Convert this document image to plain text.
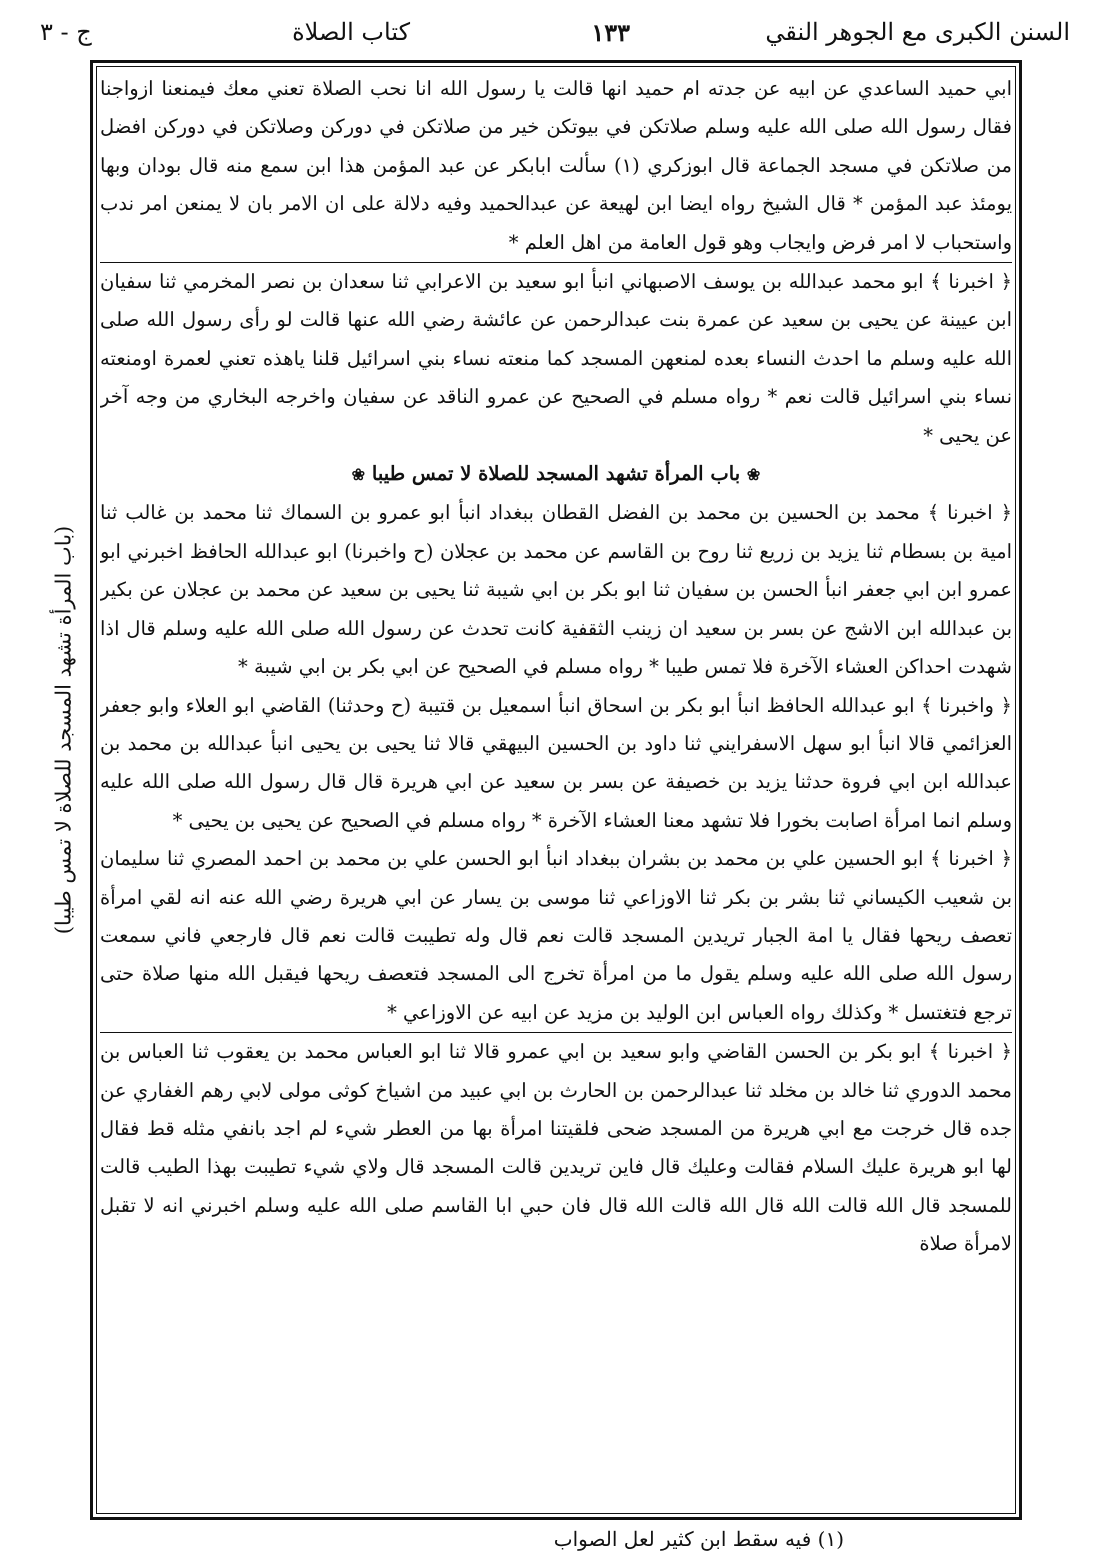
السنن الكبرى مع الجوهر النقي
١٣٣
كتاب الصلاة
ج - ٣

ابي حميد الساعدي عن ابيه عن جدته ام حميد انها قالت يا رسول الله انا نحب الصلاة تعني معك فيمنعنا ازواجنا فقال رسول الله صلى الله عليه وسلم صلاتكن في بيوتكن خير من صلاتكن في دوركن وصلاتكن في دوركن افضل من صلاتكن في مسجد الجماعة قال ابوزكري (١) سألت ابابكر عن عبد المؤمن هذا ابن سمع منه قال بودان وبها يومئذ عبد المؤمن * قال الشيخ رواه ايضا ابن لهيعة عن عبدالحميد وفيه دلالة على ان الامر بان لا يمنعن امر ندب واستحباب لا امر فرض وايجاب وهو قول العامة من اهل العلم *

﴿ اخبرنا ﴾ ابو محمد عبدالله بن يوسف الاصبهاني انبأ ابو سعيد بن الاعرابي ثنا سعدان بن نصر المخرمي ثنا سفيان ابن عيينة عن يحيى بن سعيد عن عمرة بنت عبدالرحمن عن عائشة رضي الله عنها قالت لو رأى رسول الله صلى الله عليه وسلم ما احدث النساء بعده لمنعهن المسجد كما منعته نساء بني اسرائيل قلنا ياهذه تعني لعمرة اومنعته نساء بني اسرائيل قالت نعم * رواه مسلم في الصحيح عن عمرو الناقد عن سفيان واخرجه البخاري من وجه آخر عن يحيى *

❀ باب المرأة تشهد المسجد للصلاة لا تمس طيبا ❀

﴿ اخبرنا ﴾ محمد بن الحسين بن محمد بن الفضل القطان ببغداد انبأ ابو عمرو بن السماك ثنا محمد بن غالب ثنا امية بن بسطام ثنا يزيد بن زريع ثنا روح بن القاسم عن محمد بن عجلان (ح واخبرنا) ابو عبدالله الحافظ اخبرني ابو عمرو ابن ابي جعفر انبأ الحسن بن سفيان ثنا ابو بكر بن ابي شيبة ثنا يحيى بن سعيد عن محمد بن عجلان عن بكير بن عبدالله ابن الاشج عن بسر بن سعيد ان زينب الثقفية كانت تحدث عن رسول الله صلى الله عليه وسلم قال اذا شهدت احداكن العشاء الآخرة فلا تمس طيبا * رواه مسلم في الصحيح عن ابي بكر بن ابي شيبة *

﴿ واخبرنا ﴾ ابو عبدالله الحافظ انبأ ابو بكر بن اسحاق انبأ اسمعيل بن قتيبة (ح وحدثنا) القاضي ابو العلاء وابو جعفر العزائمي قالا انبأ ابو سهل الاسفرايني ثنا داود بن الحسين البيهقي قالا ثنا يحيى بن يحيى انبأ عبدالله بن محمد بن عبدالله ابن ابي فروة حدثنا يزيد بن خصيفة عن بسر بن سعيد عن ابي هريرة قال قال رسول الله صلى الله عليه وسلم انما امرأة اصابت بخورا فلا تشهد معنا العشاء الآخرة * رواه مسلم في الصحيح عن يحيى بن يحيى *

﴿ اخبرنا ﴾ ابو الحسين علي بن محمد بن بشران ببغداد انبأ ابو الحسن علي بن محمد بن احمد المصري ثنا سليمان بن شعيب الكيساني ثنا بشر بن بكر ثنا الاوزاعي ثنا موسى بن يسار عن ابي هريرة رضي الله عنه انه لقي امرأة تعصف ريحها فقال يا امة الجبار تريدين المسجد قالت نعم قال وله تطيبت قالت نعم قال فارجعي فاني سمعت رسول الله صلى الله عليه وسلم يقول ما من امرأة تخرج الى المسجد فتعصف ريحها فيقبل الله منها صلاة حتى ترجع فتغتسل * وكذلك رواه العباس ابن الوليد بن مزيد عن ابيه عن الاوزاعي *

﴿ اخبرنا ﴾ ابو بكر بن الحسن القاضي وابو سعيد بن ابي عمرو قالا ثنا ابو العباس محمد بن يعقوب ثنا العباس بن محمد الدوري ثنا خالد بن مخلد ثنا عبدالرحمن بن الحارث بن ابي عبيد من اشياخ كوثى مولى لابي رهم الغفاري عن جده قال خرجت مع ابي هريرة من المسجد ضحى فلقيتنا امرأة بها من العطر شيء لم اجد بانفي مثله قط فقال لها ابو هريرة عليك السلام فقالت وعليك قال فاين تريدين قالت المسجد قال ولاي شيء تطيبت بهذا الطيب قالت للمسجد قال الله قالت الله قال الله قالت الله قال فان حبي ابا القاسم صلى الله عليه وسلم اخبرني انه لا تقبل لامرأة صلاة

(باب المرأة تشهد المسجد للصلاة لا تمس طيبا)
(١) فيه سقط ابن كثير لعل الصواب
